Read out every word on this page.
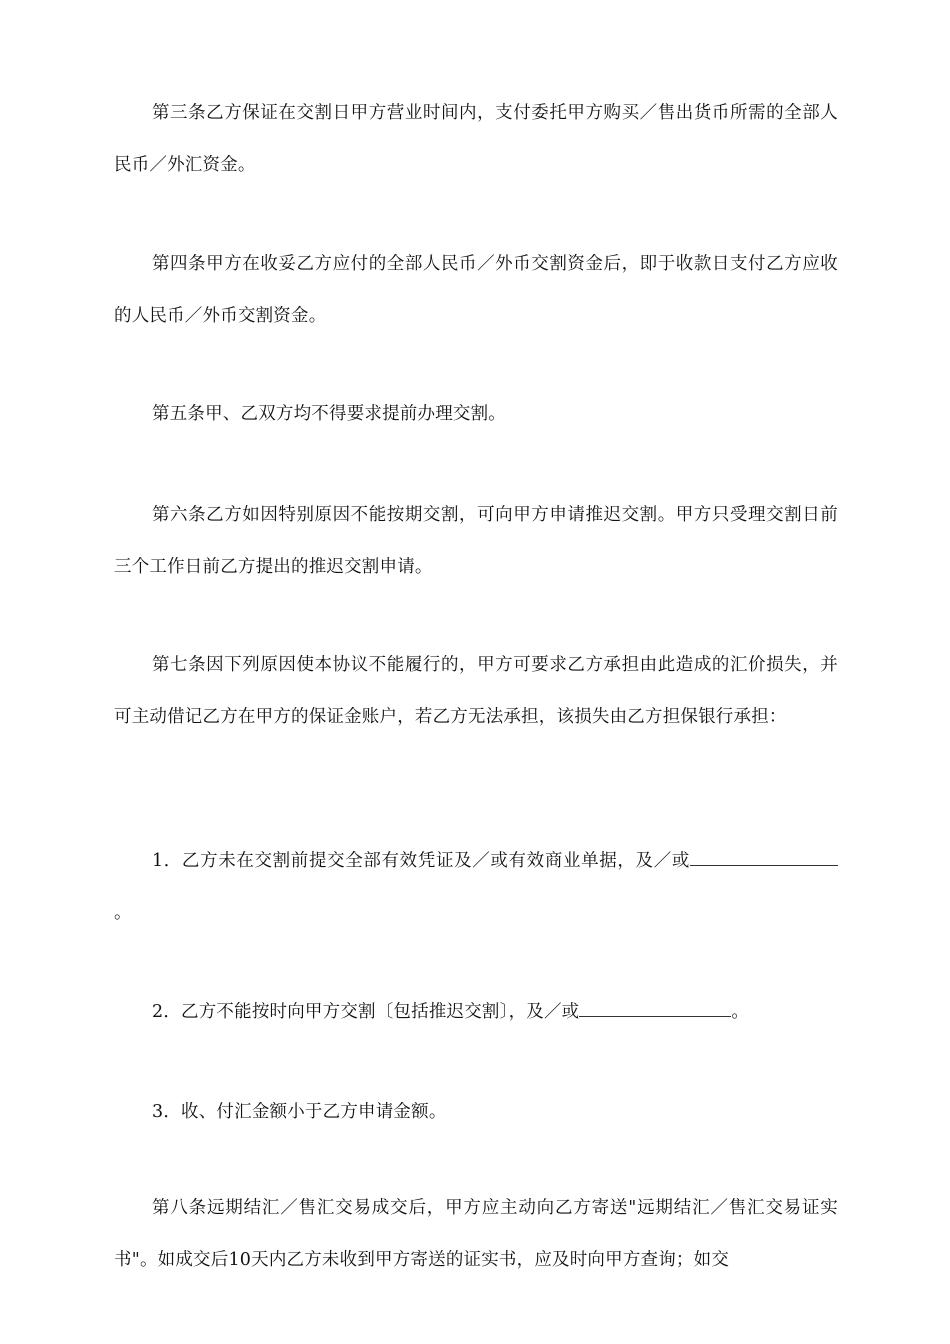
第三条乙方保证在交割日甲方营业时间内，支付委托甲方购买／售出货币所需的全部人民币／外汇资金。

第四条甲方在收妥乙方应付的全部人民币／外币交割资金后，即于收款日支付乙方应收的人民币／外币交割资金。

第五条甲、乙双方均不得要求提前办理交割。

第六条乙方如因特别原因不能按期交割，可向甲方申请推迟交割。甲方只受理交割日前三个工作日前乙方提出的推迟交割申请。

第七条因下列原因使本协议不能履行的，甲方可要求乙方承担由此造成的汇价损失，并可主动借记乙方在甲方的保证金账户，若乙方无法承担，该损失由乙方担保银行承担：

1．乙方未在交割前提交全部有效凭证及／或有效商业单据，及／或。

2．乙方不能按时向甲方交割〔包括推迟交割〕，及／或	。

3．收、付汇金额小于乙方申请金额。

第八条远期结汇／售汇交易成交后，甲方应主动向乙方寄送"远期结汇／售汇交易证实书"。如成交后10天内乙方未收到甲方寄送的证实书，应及时向甲方查询；如交
